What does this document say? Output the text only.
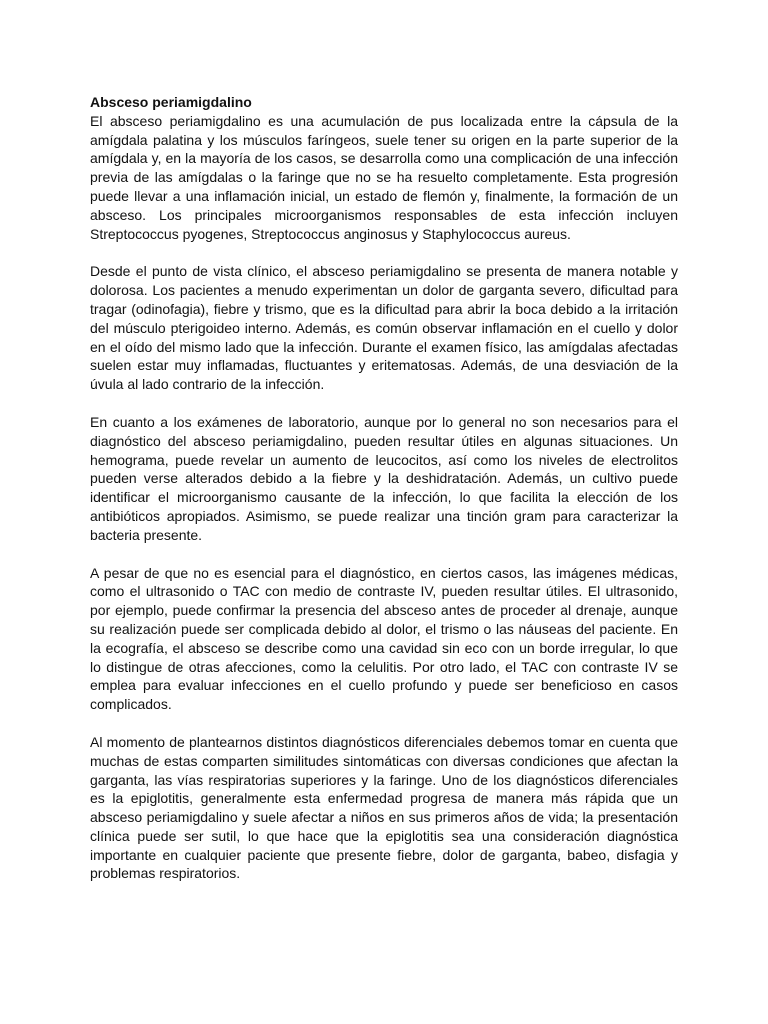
Absceso periamigdalino

El absceso periamigdalino es una acumulación de pus localizada entre la cápsula de la amígdala palatina y los músculos faríngeos, suele tener su origen en la parte superior de la amígdala y, en la mayoría de los casos, se desarrolla como una complicación de una infección previa de las amígdalas o la faringe que no se ha resuelto completamente. Esta progresión puede llevar a una inflamación inicial, un estado de flemón y, finalmente, la formación de un absceso. Los principales microorganismos responsables de esta infección incluyen Streptococcus pyogenes, Streptococcus anginosus y Staphylococcus aureus.

Desde el punto de vista clínico, el absceso periamigdalino se presenta de manera notable y dolorosa. Los pacientes a menudo experimentan un dolor de garganta severo, dificultad para tragar (odinofagia), fiebre y trismo, que es la dificultad para abrir la boca debido a la irritación del músculo pterigoideo interno. Además, es común observar inflamación en el cuello y dolor en el oído del mismo lado que la infección. Durante el examen físico, las amígdalas afectadas suelen estar muy inflamadas, fluctuantes y eritematosas. Además, de una desviación de la úvula al lado contrario de la infección.

En cuanto a los exámenes de laboratorio, aunque por lo general no son necesarios para el diagnóstico del absceso periamigdalino, pueden resultar útiles en algunas situaciones. Un hemograma, puede revelar un aumento de leucocitos, así como los niveles de electrolitos pueden verse alterados debido a la fiebre y la deshidratación. Además, un cultivo puede identificar el microorganismo causante de la infección, lo que facilita la elección de los antibióticos apropiados. Asimismo, se puede realizar una tinción gram para caracterizar la bacteria presente.

A pesar de que no es esencial para el diagnóstico, en ciertos casos, las imágenes médicas, como el ultrasonido o TAC con medio de contraste IV, pueden resultar útiles. El ultrasonido, por ejemplo, puede confirmar la presencia del absceso antes de proceder al drenaje, aunque su realización puede ser complicada debido al dolor, el trismo o las náuseas del paciente. En la ecografía, el absceso se describe como una cavidad sin eco con un borde irregular, lo que lo distingue de otras afecciones, como la celulitis. Por otro lado, el TAC con contraste IV se emplea para evaluar infecciones en el cuello profundo y puede ser beneficioso en casos complicados.

Al momento de plantearnos distintos diagnósticos diferenciales debemos tomar en cuenta que muchas de estas comparten similitudes sintomáticas con diversas condiciones que afectan la garganta, las vías respiratorias superiores y la faringe. Uno de los diagnósticos diferenciales es la epiglotitis, generalmente esta enfermedad progresa de manera más rápida que un absceso periamigdalino y suele afectar a niños en sus primeros años de vida; la presentación clínica puede ser sutil, lo que hace que la epiglotitis sea una consideración diagnóstica importante en cualquier paciente que presente fiebre, dolor de garganta, babeo, disfagia y problemas respiratorios.
